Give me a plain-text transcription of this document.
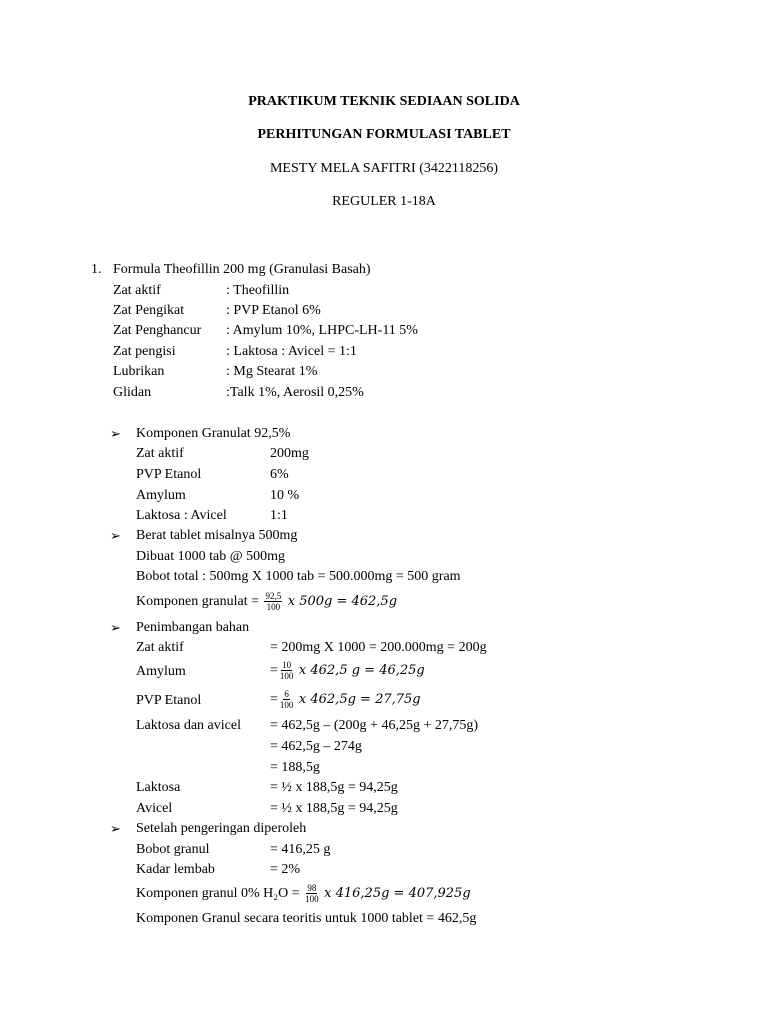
PRAKTIKUM TEKNIK SEDIAAN SOLIDA
PERHITUNGAN FORMULASI TABLET
MESTY MELA SAFITRI (3422118256)
REGULER 1-18A
1. Formula Theofillin 200 mg (Granulasi Basah)
Zat aktif	: Theofillin
Zat Pengikat	: PVP Etanol 6%
Zat Penghancur : Amylum 10%, LHPC-LH-11 5%
Zat pengisi	: Laktosa : Avicel = 1:1
Lubrikan	: Mg Stearat 1%
Glidan	:Talk 1%, Aerosil 0,25%
➢ Komponen Granulat 92,5%
Zat aktif	200mg
PVP Etanol	6%
Amylum	10 %
Laktosa : Avicel	1:1
➢ Berat tablet misalnya 500mg
Dibuat 1000 tab @ 500mg
Bobot total : 500mg X 1000 tab = 500.000mg = 500 gram
Komponen granulat = $\frac{92,5}{100}$ x 500g = 462,5g
➢ Penimbangan bahan
Zat aktif	= 200mg X 1000 = 200.000mg = 200g
Amylum	= $\frac{10}{100}$ x 462,5 g = 46,25g
PVP Etanol	= $\frac{6}{100}$ x 462,5g = 27,75g
Laktosa dan avicel = 462,5g – (200g + 46,25g + 27,75g)
= 462,5g – 274g
= 188,5g
Laktosa	= ½ x 188,5g = 94,25g
Avicel	= ½ x 188,5g = 94,25g
➢ Setelah pengeringan diperoleh
Bobot granul	= 416,25 g
Kadar lembab	= 2%
Komponen granul 0% $H_2O = \frac{98}{100}$ x 416,25g = 407,925g
Komponen Granul secara teoritis untuk 1000 tablet = 462,5g
